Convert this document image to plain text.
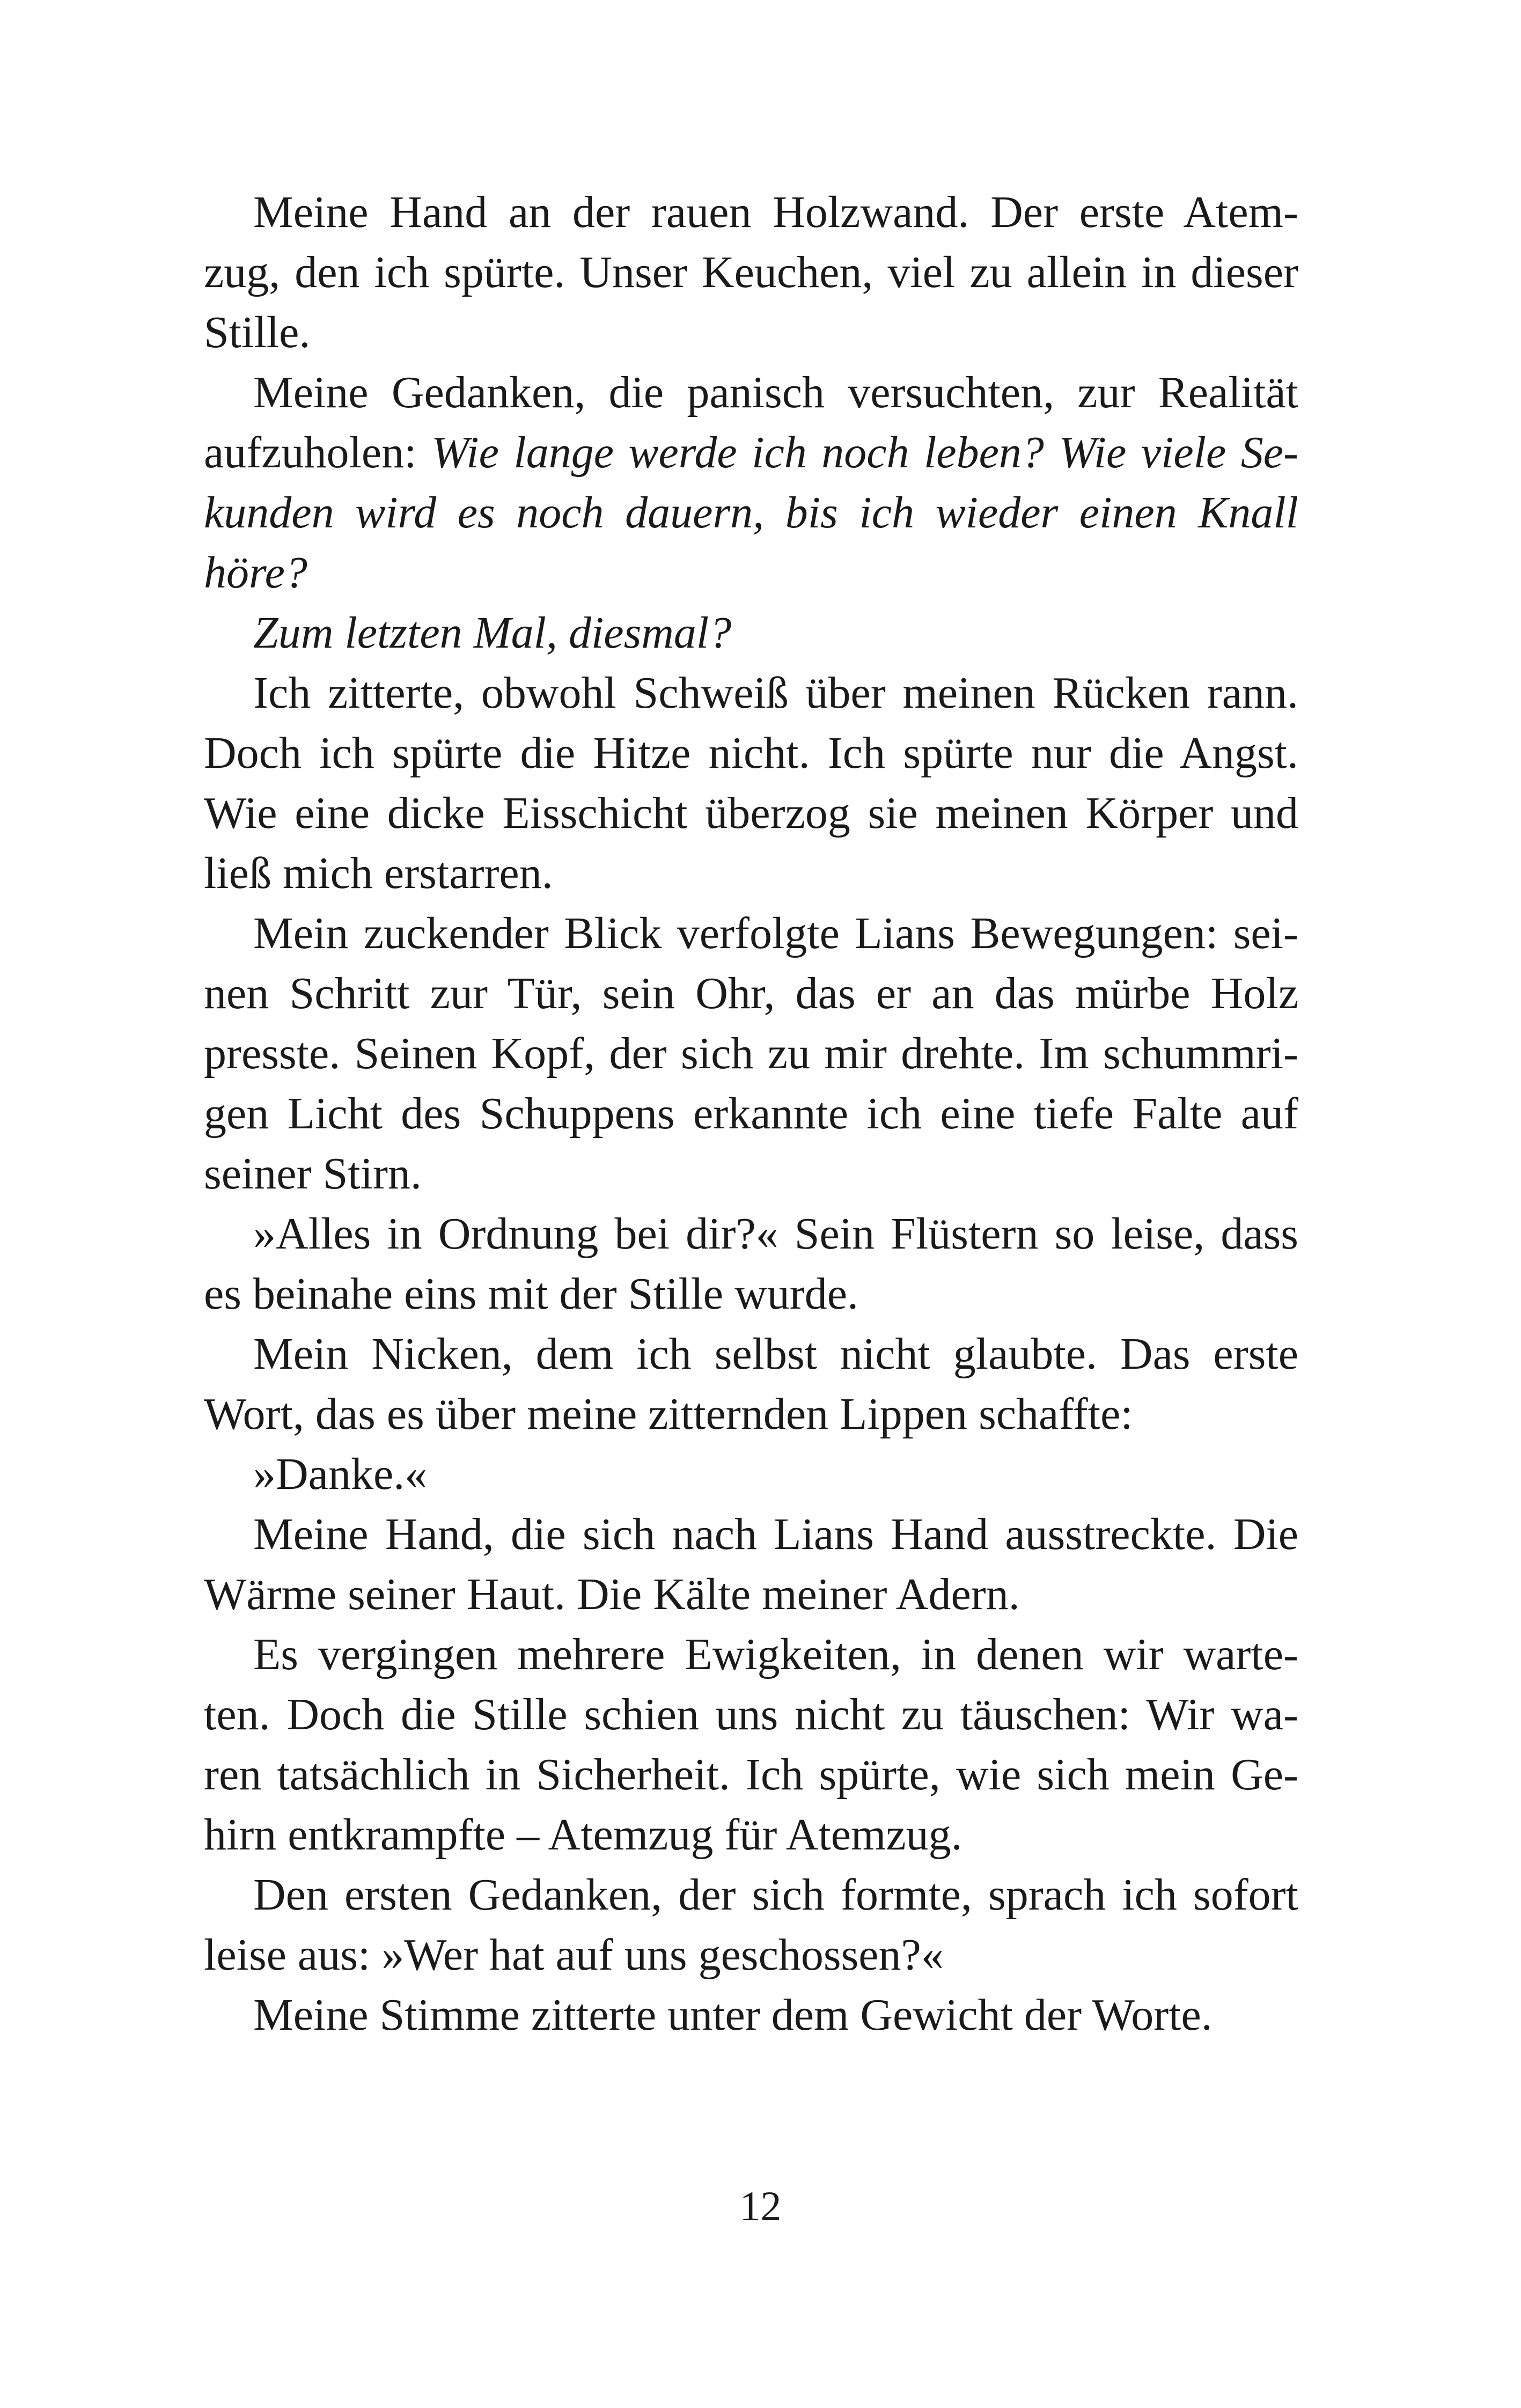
Meine Hand an der rauen Holzwand. Der erste Atem-
zug, den ich spürte. Unser Keuchen, viel zu allein in dieser
Stille.
Meine Gedanken, die panisch versuchten, zur Realität
aufzuholen: Wie lange werde ich noch leben? Wie viele Se-
kunden wird es noch dauern, bis ich wieder einen Knall
höre?
Zum letzten Mal, diesmal?
Ich zitterte, obwohl Schweiß über meinen Rücken rann.
Doch ich spürte die Hitze nicht. Ich spürte nur die Angst.
Wie eine dicke Eisschicht überzog sie meinen Körper und
ließ mich erstarren.
Mein zuckender Blick verfolgte Lians Bewegungen: sei-
nen Schritt zur Tür, sein Ohr, das er an das mürbe Holz
presste. Seinen Kopf, der sich zu mir drehte. Im schummri-
gen Licht des Schuppens erkannte ich eine tiefe Falte auf
seiner Stirn.
»Alles in Ordnung bei dir?« Sein Flüstern so leise, dass
es beinahe eins mit der Stille wurde.
Mein Nicken, dem ich selbst nicht glaubte. Das erste
Wort, das es über meine zitternden Lippen schaffte:
»Danke.«
Meine Hand, die sich nach Lians Hand ausstreckte. Die
Wärme seiner Haut. Die Kälte meiner Adern.
Es vergingen mehrere Ewigkeiten, in denen wir warte-
ten. Doch die Stille schien uns nicht zu täuschen: Wir wa-
ren tatsächlich in Sicherheit. Ich spürte, wie sich mein Ge-
hirn entkrampfte – Atemzug für Atemzug.
Den ersten Gedanken, der sich formte, sprach ich sofort
leise aus: »Wer hat auf uns geschossen?«
Meine Stimme zitterte unter dem Gewicht der Worte.
12
